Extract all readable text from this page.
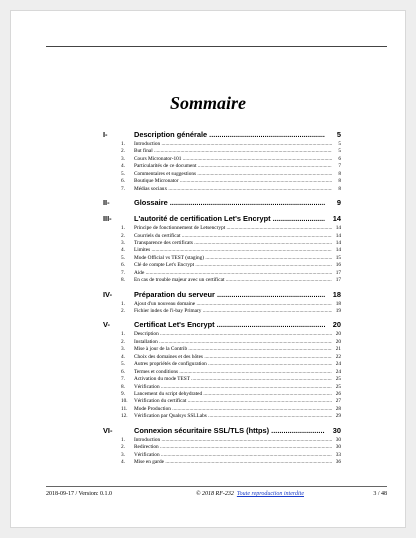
Sommaire
I-	Description générale .....	5
1. Introduction .....	5
2. But final .....	5
3. Cours Micronator-101 .....	6
4. Particularités de ce document .....	7
5. Commentaires et suggestions .....	8
6. Boutique Micronator .....	8
7. Médias sociaux .....	8
II-	Glossaire .....	9
III-	L'autorité de certification Let's Encrypt .....	14
1. Principe de fonctionnement de Letsencrypt .....	14
2. Courriels du certificat .....	14
3. Transparence des certificats .....	14
4. Limites .....	14
5. Mode Official vs TEST (staging) .....	15
6. Clé de compte Let's Encrypt .....	16
7. Aide .....	17
8. En cas de trouble majeur avec un certificat .....	17
IV-	Préparation du serveur .....	18
1. Ajout d'un nouveau domaine .....	18
2. Fichier index de l'i-bay Primary .....	19
V-	Certificat Let's Encrypt .....	20
1. Description .....	20
2. Installation .....	20
3. Mise à jour de la Contrib .....	21
4. Choix des domaines et des hôtes .....	22
5. Autres propriétés de configuration .....	24
6. Termes et conditions .....	24
7. Activation du mode TEST .....	25
8. Vérification .....	25
9. Lancement du script dehydrated .....	26
10. Vérification du certificat .....	27
11. Mode Production .....	28
12. Vérification par Qualsys SSLLabs .....	29
VI-	Connexion sécuritaire SSL/TLS (https) .....	30
1. Introduction .....	30
2. Redirection .....	30
3. Vérification .....	33
4. Mise en garde .....	36
2018-09-17 / Version: 0.1.0	© 2018 RF-232 Toute reproduction interdite	3 / 48
